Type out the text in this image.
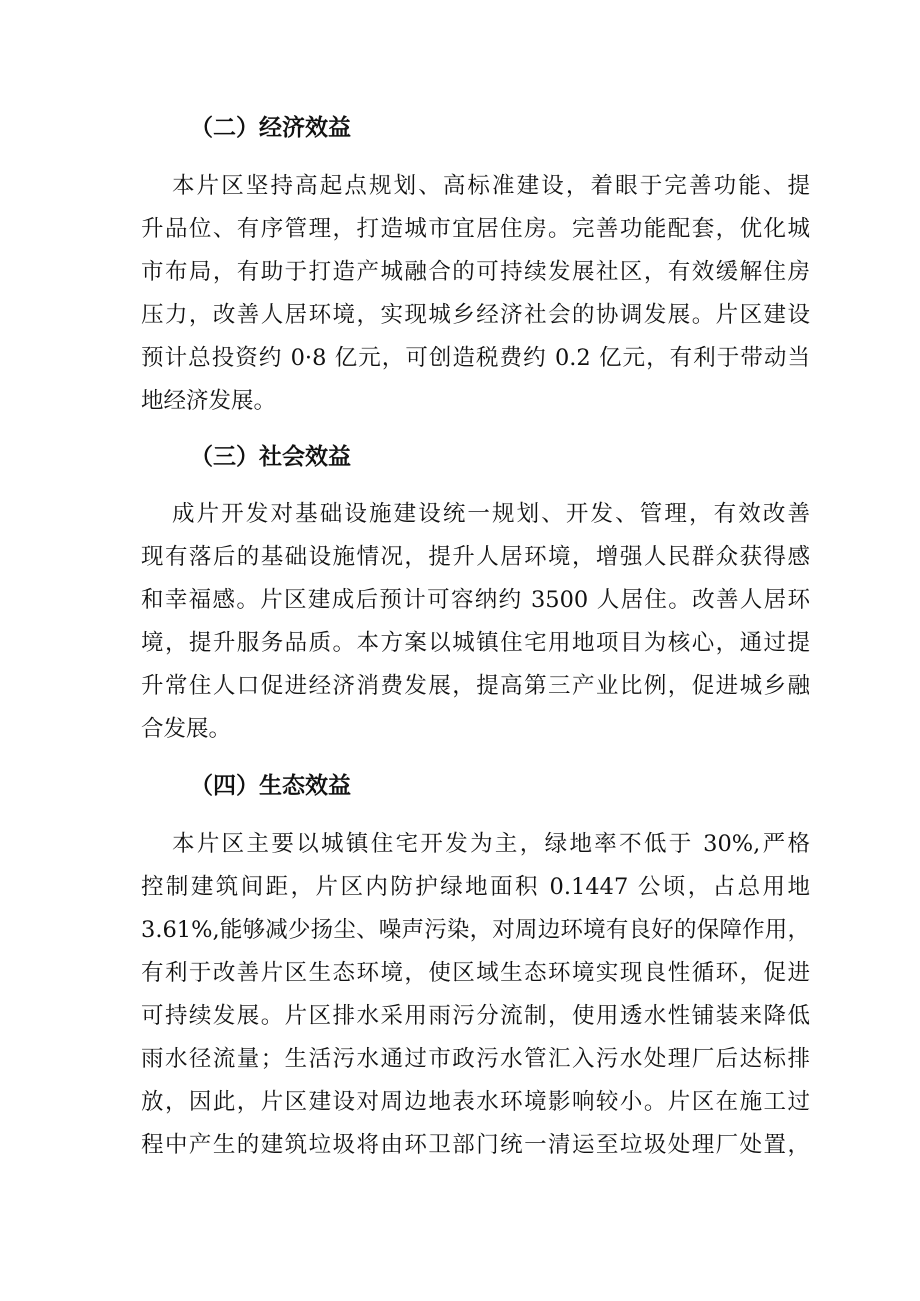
（二）经济效益
本片区坚持高起点规划、高标准建设，着眼于完善功能、提
升品位、有序管理，打造城市宜居住房。完善功能配套，优化城
市布局，有助于打造产城融合的可持续发展社区，有效缓解住房
压力，改善人居环境，实现城乡经济社会的协调发展。片区建设
预计总投资约 0·8 亿元，可创造税费约 0.2 亿元，有利于带动当
地经济发展。
（三）社会效益
成片开发对基础设施建设统一规划、开发、管理，有效改善
现有落后的基础设施情况，提升人居环境，增强人民群众获得感
和幸福感。片区建成后预计可容纳约 3500 人居住。改善人居环
境，提升服务品质。本方案以城镇住宅用地项目为核心，通过提
升常住人口促进经济消费发展，提高第三产业比例，促进城乡融
合发展。
（四）生态效益
本片区主要以城镇住宅开发为主，绿地率不低于 30%,严格
控制建筑间距，片区内防护绿地面积 0.1447 公顷，占总用地
3.61%,能够减少扬尘、噪声污染，对周边环境有良好的保障作用，
有利于改善片区生态环境，使区域生态环境实现良性循环，促进
可持续发展。片区排水采用雨污分流制，使用透水性铺装来降低
雨水径流量；生活污水通过市政污水管汇入污水处理厂后达标排
放，因此，片区建设对周边地表水环境影响较小。片区在施工过
程中产生的建筑垃圾将由环卫部门统一清运至垃圾处理厂处置，
